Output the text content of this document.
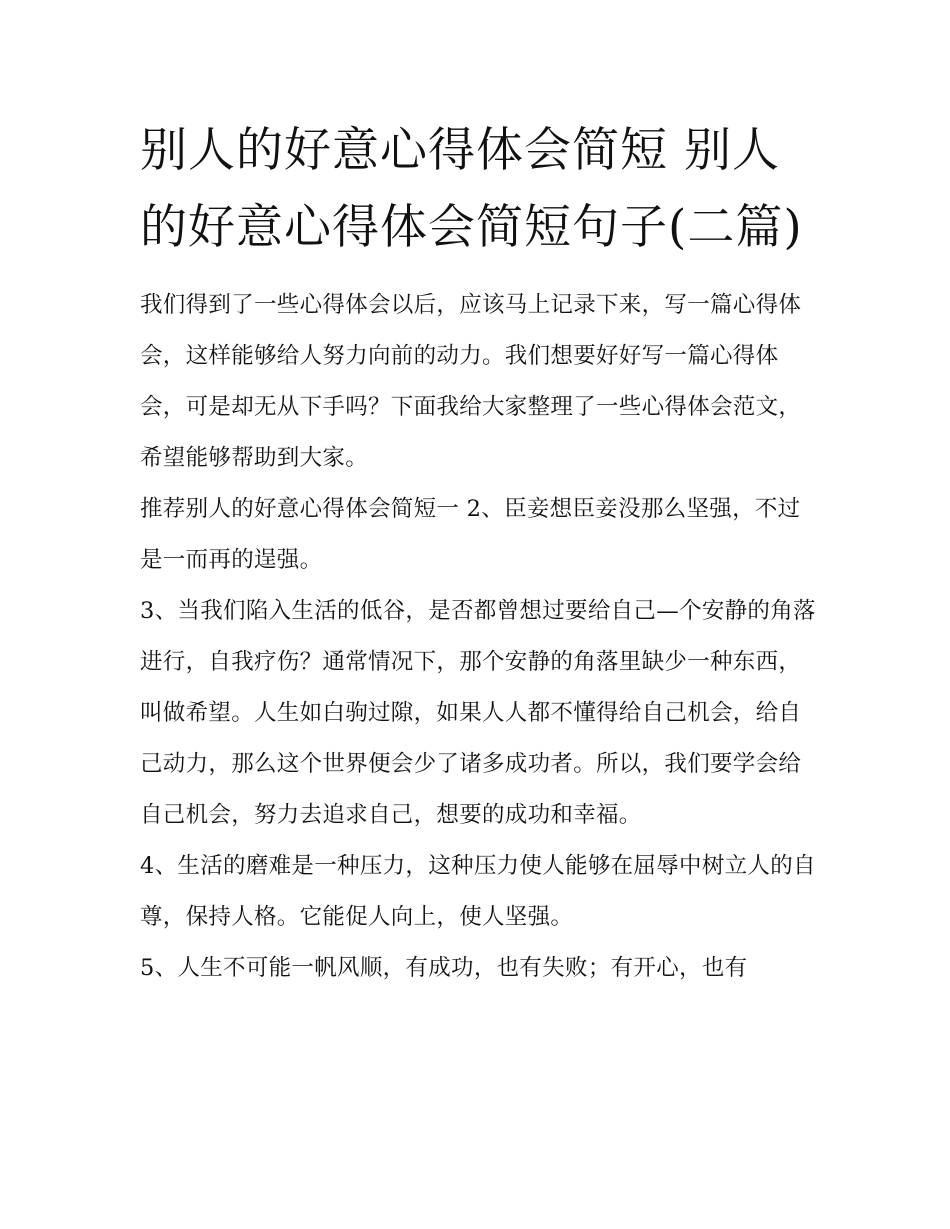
别人的好意心得体会简短 别人的好意心得体会简短句子(二篇)

我们得到了一些心得体会以后，应该马上记录下来，写一篇心得体会，这样能够给人努力向前的动力。我们想要好好写一篇心得体会，可是却无从下手吗？下面我给大家整理了一些心得体会范文，希望能够帮助到大家。

推荐别人的好意心得体会简短一 2、臣妾想臣妾没那么坚强，不过是一而再的逞强。

3、当我们陷入生活的低谷，是否都曾想过要给自己—个安静的角落进行，自我疗伤？通常情况下，那个安静的角落里缺少一种东西，叫做希望。人生如白驹过隙，如果人人都不懂得给自己机会，给自己动力，那么这个世界便会少了诸多成功者。所以，我们要学会给自己机会，努力去追求自己，想要的成功和幸福。

4、生活的磨难是一种压力，这种压力使人能够在屈辱中树立人的自尊，保持人格。它能促人向上，使人坚强。

5、人生不可能一帆风顺，有成功，也有失败；有开心，也有
